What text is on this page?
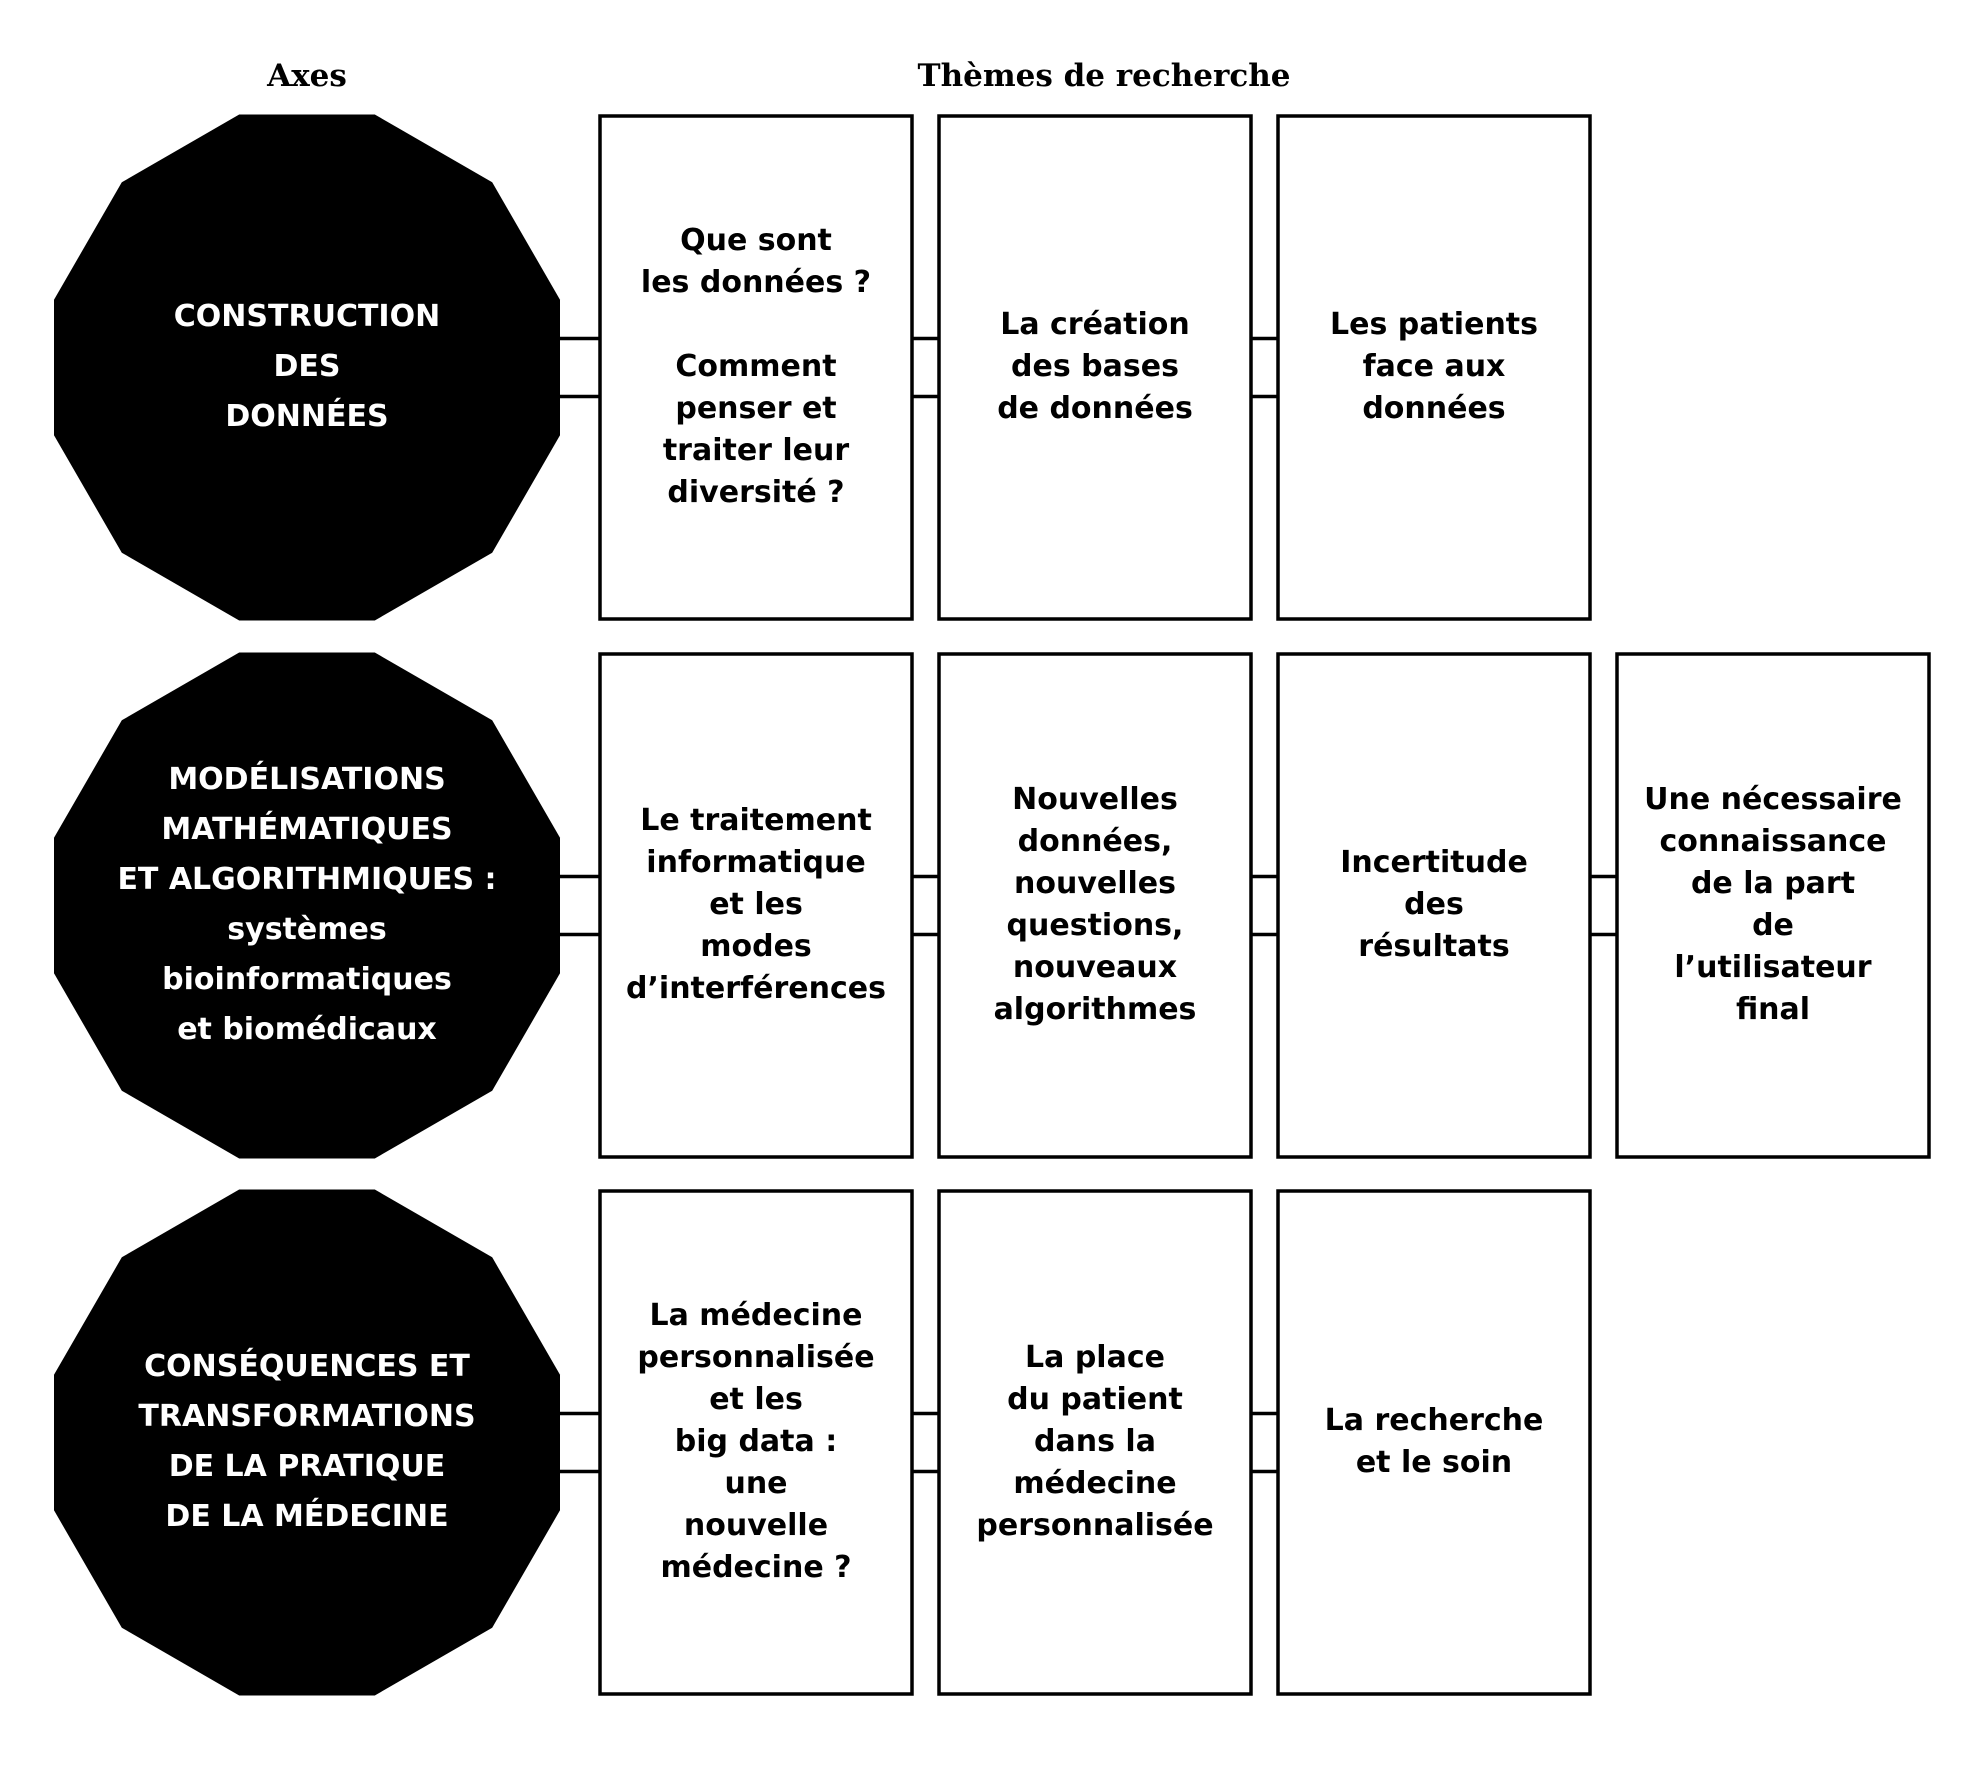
Axes	Thèmes de recherche
CONSTRUCTION
DES
DONNÉES
Que sont
les données ?
Comment
penser et
traiter leur
diversité ?
La création
des bases
de données
Les patients
face aux
données
MODÉLISATIONS
MATHÉMATIQUES
ET ALGORITHMIQUES :
systèmes
bioinformatiques
et biomédicaux
Le traitement
informatique
et les
modes
d’interférences
Nouvelles
données,
nouvelles
questions,
nouveaux
algorithmes
Incertitude
des
résultats
Une nécessaire
connaissance
de la part
de
l’utilisateur
final
CONSÉQUENCES ET
TRANSFORMATIONS
DE LA PRATIQUE
DE LA MÉDECINE
La médecine
personnalisée
et les
big data :
une
nouvelle
médecine ?
La place
du patient
dans la
médecine
personnalisée
La recherche
et le soin
